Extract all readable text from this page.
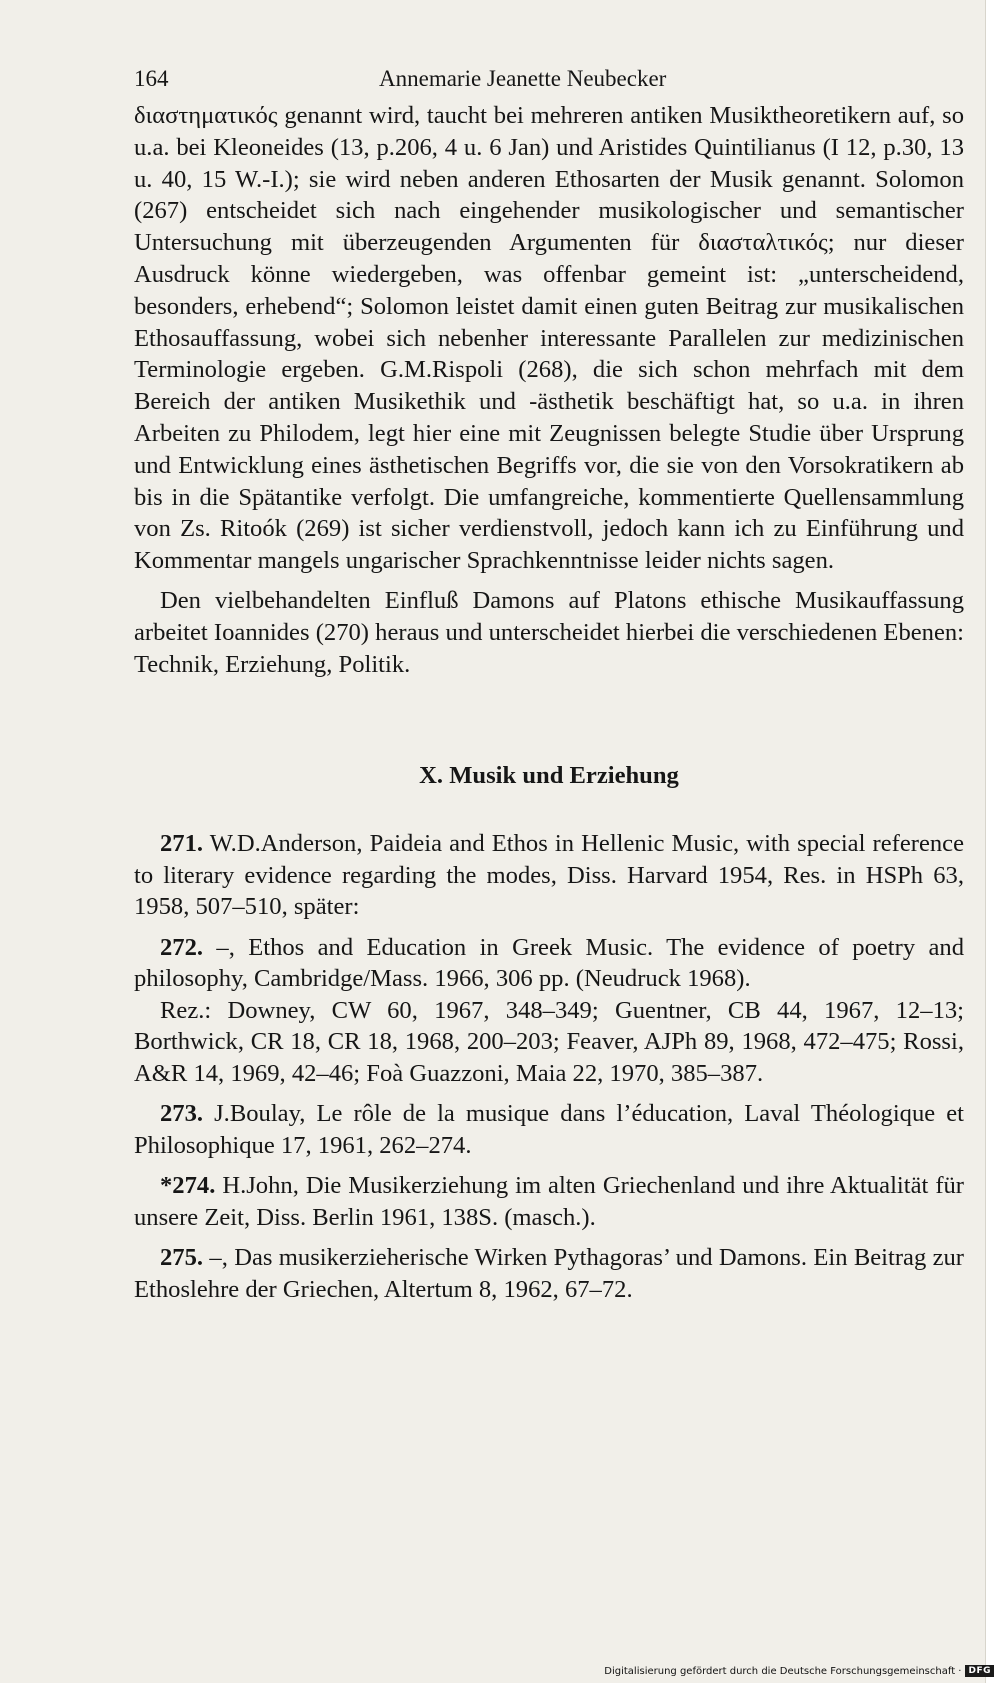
164	Annemarie Jeanette Neubecker

διαστηματικός genannt wird, taucht bei mehreren antiken Musiktheoretikern auf, so u.a. bei Kleoneides (13, p.206, 4 u. 6 Jan) und Aristides Quintilianus (I 12, p.30, 13 u. 40, 15 W.-I.); sie wird neben anderen Ethosarten der Musik genannt. Solomon (267) entscheidet sich nach eingehender musikologischer und semantischer Untersuchung mit überzeugenden Argumenten für διασταλτικός; nur dieser Ausdruck könne wiedergeben, was offenbar gemeint ist: „unterscheidend, besonders, erhebend“; Solomon leistet damit einen guten Beitrag zur musikalischen Ethosauffassung, wobei sich nebenher interessante Parallelen zur medizinischen Terminologie ergeben. G.M.Rispoli (268), die sich schon mehrfach mit dem Bereich der antiken Musikethik und -ästhetik beschäftigt hat, so u.a. in ihren Arbeiten zu Philodem, legt hier eine mit Zeugnissen belegte Studie über Ursprung und Entwicklung eines ästhetischen Begriffs vor, die sie von den Vorsokratikern ab bis in die Spätantike verfolgt. Die umfangreiche, kommentierte Quellensammlung von Zs. Ritoók (269) ist sicher verdienstvoll, jedoch kann ich zu Einführung und Kommentar mangels ungarischer Sprachkenntnisse leider nichts sagen.

Den vielbehandelten Einfluß Damons auf Platons ethische Musikauffassung arbeitet Ioannides (270) heraus und unterscheidet hierbei die verschiedenen Ebenen: Technik, Erziehung, Politik.

X. Musik und Erziehung

271. W.D.Anderson, Paideia and Ethos in Hellenic Music, with special reference to literary evidence regarding the modes, Diss. Harvard 1954, Res. in HSPh 63, 1958, 507–510, später:

272. –, Ethos and Education in Greek Music. The evidence of poetry and philosophy, Cambridge/Mass. 1966, 306 pp. (Neudruck 1968).

Rez.: Downey, CW 60, 1967, 348–349; Guentner, CB 44, 1967, 12–13; Borthwick, CR 18, CR 18, 1968, 200–203; Feaver, AJPh 89, 1968, 472–475; Rossi, A&R 14, 1969, 42–46; Foà Guazzoni, Maia 22, 1970, 385–387.

273. J.Boulay, Le rôle de la musique dans l’éducation, Laval Théologique et Philosophique 17, 1961, 262–274.

*274. H.John, Die Musikerziehung im alten Griechenland und ihre Aktualität für unsere Zeit, Diss. Berlin 1961, 138S. (masch.).

275. –, Das musikerzieherische Wirken Pythagoras’ und Damons. Ein Beitrag zur Ethoslehre der Griechen, Altertum 8, 1962, 67–72.

Digitalisierung gefördert durch die Deutsche Forschungsgemeinschaft · DFG
